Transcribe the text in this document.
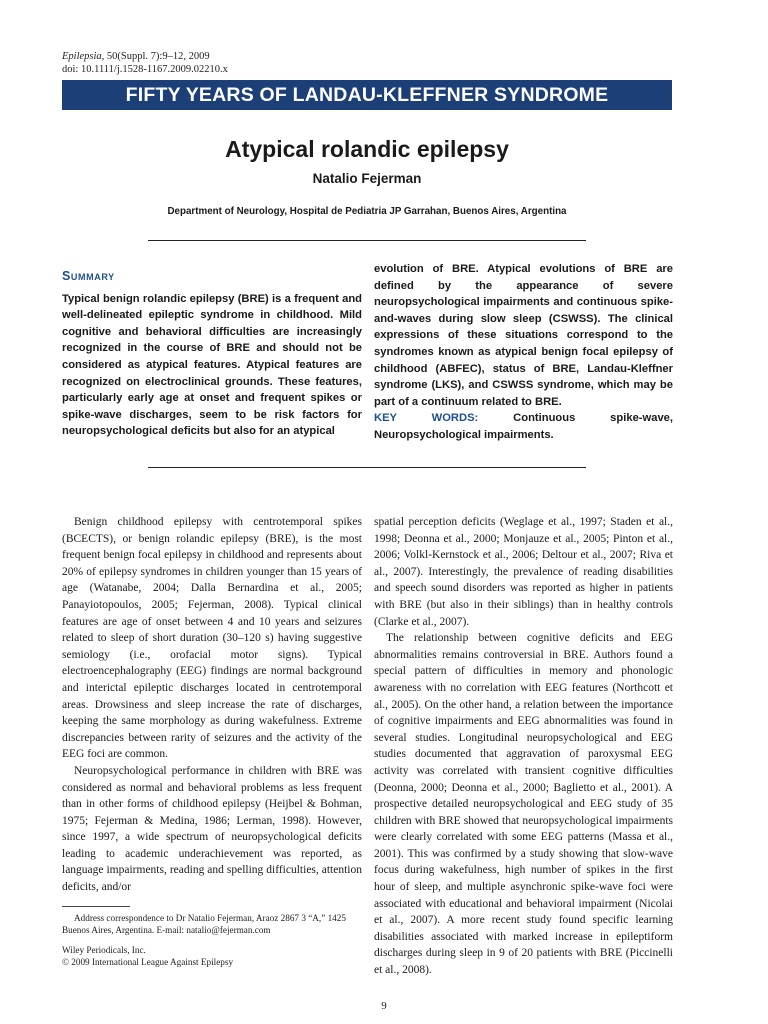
Epilepsia, 50(Suppl. 7):9–12, 2009
doi: 10.1111/j.1528-1167.2009.02210.x
FIFTY YEARS OF LANDAU-KLEFFNER SYNDROME
Atypical rolandic epilepsy
Natalio Fejerman
Department of Neurology, Hospital de Pediatria JP Garrahan, Buenos Aires, Argentina
Summary

Typical benign rolandic epilepsy (BRE) is a frequent and well-delineated epileptic syndrome in childhood. Mild cognitive and behavioral difficulties are increasingly recognized in the course of BRE and should not be considered as atypical features. Atypical features are recognized on electroclinical grounds. These features, particularly early age at onset and frequent spikes or spike-wave discharges, seem to be risk factors for neuropsychological deficits but also for an atypical

evolution of BRE. Atypical evolutions of BRE are defined by the appearance of severe neuropsychological impairments and continuous spike-and-waves during slow sleep (CSWSS). The clinical expressions of these situations correspond to the syndromes known as atypical benign focal epilepsy of childhood (ABFEC), status of BRE, Landau-Kleffner syndrome (LKS), and CSWSS syndrome, which may be part of a continuum related to BRE.

KEY WORDS: Continuous spike-wave, Neuropsychological impairments.

Benign childhood epilepsy with centrotemporal spikes (BCECTS), or benign rolandic epilepsy (BRE), is the most frequent benign focal epilepsy in childhood and represents about 20% of epilepsy syndromes in children younger than 15 years of age (Watanabe, 2004; Dalla Bernardina et al., 2005; Panayiotopoulos, 2005; Fejerman, 2008). Typical clinical features are age of onset between 4 and 10 years and seizures related to sleep of short duration (30–120 s) having suggestive semiology (i.e., orofacial motor signs). Typical electroencephalography (EEG) findings are normal background and interictal epileptic discharges located in centrotemporal areas. Drowsiness and sleep increase the rate of discharges, keeping the same morphology as during wakefulness. Extreme discrepancies between rarity of seizures and the activity of the EEG foci are common.

Neuropsychological performance in children with BRE was considered as normal and behavioral problems as less frequent than in other forms of childhood epilepsy (Heijbel & Bohman, 1975; Fejerman & Medina, 1986; Lerman, 1998). However, since 1997, a wide spectrum of neuropsychological deficits leading to academic underachievement was reported, as language impairments, reading and spelling difficulties, attention deficits, and/or

spatial perception deficits (Weglage et al., 1997; Staden et al., 1998; Deonna et al., 2000; Monjauze et al., 2005; Pinton et al., 2006; Volkl-Kernstock et al., 2006; Deltour et al., 2007; Riva et al., 2007). Interestingly, the prevalence of reading disabilities and speech sound disorders was reported as higher in patients with BRE (but also in their siblings) than in healthy controls (Clarke et al., 2007).

The relationship between cognitive deficits and EEG abnormalities remains controversial in BRE. Authors found a special pattern of difficulties in memory and phonologic awareness with no correlation with EEG features (Northcott et al., 2005). On the other hand, a relation between the importance of cognitive impairments and EEG abnormalities was found in several studies. Longitudinal neuropsychological and EEG studies documented that aggravation of paroxysmal EEG activity was correlated with transient cognitive difficulties (Deonna, 2000; Deonna et al., 2000; Baglietto et al., 2001). A prospective detailed neuropsychological and EEG study of 35 children with BRE showed that neuropsychological impairments were clearly correlated with some EEG patterns (Massa et al., 2001). This was confirmed by a study showing that slow-wave focus during wakefulness, high number of spikes in the first hour of sleep, and multiple asynchronic spike-wave foci were associated with educational and behavioral impairment (Nicolai et al., 2007). A more recent study found specific learning disabilities associated with marked increase in epileptiform discharges during sleep in 9 of 20 patients with BRE (Piccinelli et al., 2008).

Address correspondence to Dr Natalio Fejerman, Araoz 2867 3 “A,” 1425 Buenos Aires, Argentina. E-mail: natalio@fejerman.com

Wiley Periodicals, Inc.

© 2009 International League Against Epilepsy

9
